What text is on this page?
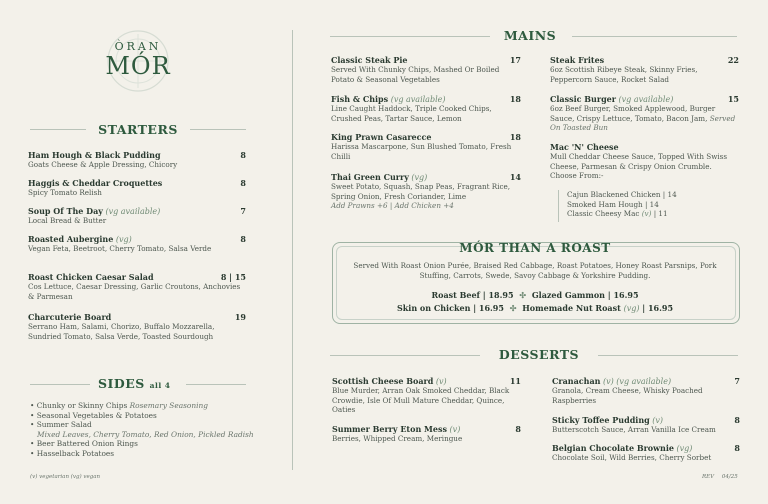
ÒRAN
MÓR
STARTERS
Ham Hough & Black Pudding	8
Goats Cheese & Apple Dressing, Chicory
Haggis & Cheddar Croquettes	8
Spicy Tomato Relish
Soup Of The Day (vg available)	7
Local Bread & Butter
Roasted Aubergine (vg)	8
Vegan Feta, Beetroot, Cherry Tomato, Salsa Verde
Roast Chicken Caesar Salad	8 | 15
Cos Lettuce, Caesar Dressing, Garlic Croutons, Anchovies & Parmesan
Charcuterie Board	19
Serrano Ham, Salami, Chorizo, Buffalo Mozzarella, Sundried Tomato, Salsa Verde, Toasted Sourdough
SIDES all 4
• Chunky or Skinny Chips Rosemary Seasoning
• Seasonal Vegetables & Potatoes
• Summer Salad
Mixed Leaves, Cherry Tomato, Red Onion, Pickled Radish
• Beer Battered Onion Rings
• Hasselback Potatoes
(v) vegetarian (vg) vegan
MAINS
Classic Steak Pie	17
Served With Chunky Chips, Mashed Or Boiled Potato & Seasonal Vegetables
Fish & Chips (vg available)	18
Line Caught Haddock, Triple Cooked Chips, Crushed Peas, Tartar Sauce, Lemon
King Prawn Casarecce	18
Harissa Mascarpone, Sun Blushed Tomato, Fresh Chilli
Thai Green Curry (vg)	14
Sweet Potato, Squash, Snap Peas, Fragrant Rice, Spring Onion, Fresh Coriander, Lime
Add Prawns +6 | Add Chicken +4
Steak Frites	22
6oz Scottish Ribeye Steak, Skinny Fries, Peppercorn Sauce, Rocket Salad
Classic Burger (vg available)	15
6oz Beef Burger, Smoked Applewood, Burger Sauce, Crispy Lettuce, Tomato, Bacon Jam, Served On Toasted Bun
Mac 'N' Cheese
Mull Cheddar Cheese Sauce, Topped With Swiss Cheese, Parmesan & Crispy Onion Crumble. Choose From:-
Cajun Blackened Chicken | 14
Smoked Ham Hough | 14
Classic Cheesy Mac (v) | 11
MÓR THAN A ROAST
Served With Roast Onion Purée, Braised Red Cabbage, Roast Potatoes, Honey Roast Parsnips, Pork Stuffing, Carrots, Swede, Savoy Cabbage & Yorkshire Pudding.
Roast Beef | 18.95 ✣ Glazed Gammon | 16.95
Skin on Chicken | 16.95 ✣ Homemade Nut Roast (vg) | 16.95
DESSERTS
Scottish Cheese Board (v)	11
Blue Murder, Arran Oak Smoked Cheddar, Black Crowdie, Isle Of Mull Mature Cheddar, Quince, Oaties
Summer Berry Eton Mess (v)	8
Berries, Whipped Cream, Meringue
Cranachan (v) (vg available)	7
Granola, Cream Cheese, Whisky Poached Raspberries
Sticky Toffee Pudding (v)	8
Butterscotch Sauce, Arran Vanilla Ice Cream
Belgian Chocolate Brownie (vg)	8
Chocolate Soil, Wild Berries, Cherry Sorbet
REV 04/25
